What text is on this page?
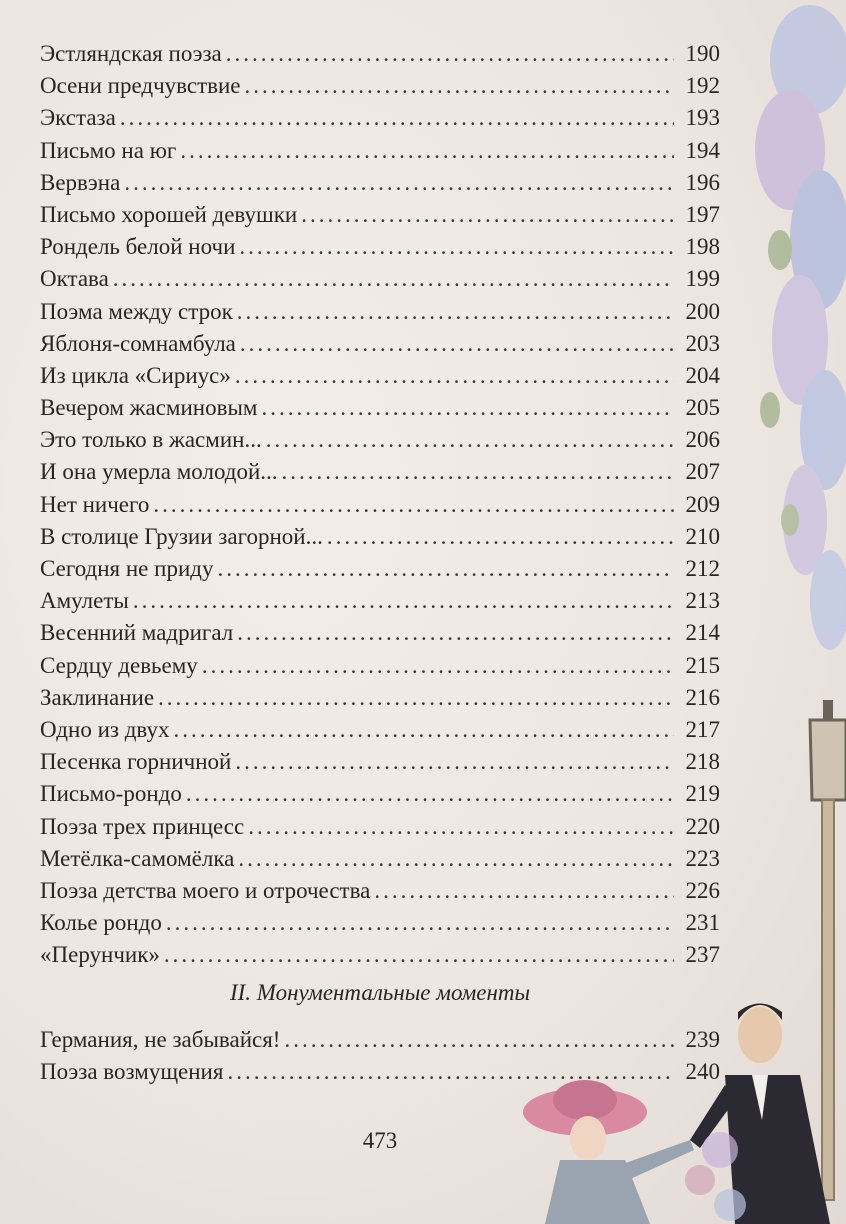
Эстляндская поэза .....	190
Осени предчувствие .....	192
Экстаза .....	193
Письмо на юг .....	194
Вервэна .....	196
Письмо хорошей девушки .....	197
Рондель белой ночи .....	198
Октава .....	199
Поэма между строк .....	200
Яблоня-сомнамбула .....	203
Из цикла «Сириус» .....	204
Вечером жасминовым .....	205
Это только в жасмин... .....	206
И она умерла молодой... .....	207
Нет ничего .....	209
В столице Грузии загорной... .....	210
Сегодня не приду .....	212
Амулеты .....	213
Весенний мадригал .....	214
Сердцу девьему .....	215
Заклинание .....	216
Одно из двух .....	217
Песенка горничной .....	218
Письмо-рондо .....	219
Поэза трех принцесс .....	220
Метёлка-самомёлка .....	223
Поэза детства моего и отрочества .....	226
Колье рондо .....	231
«Перунчик» .....	237
II. Монументальные моменты
Германия, не забывайся! .....	239
Поэза возмущения .....	240
473
